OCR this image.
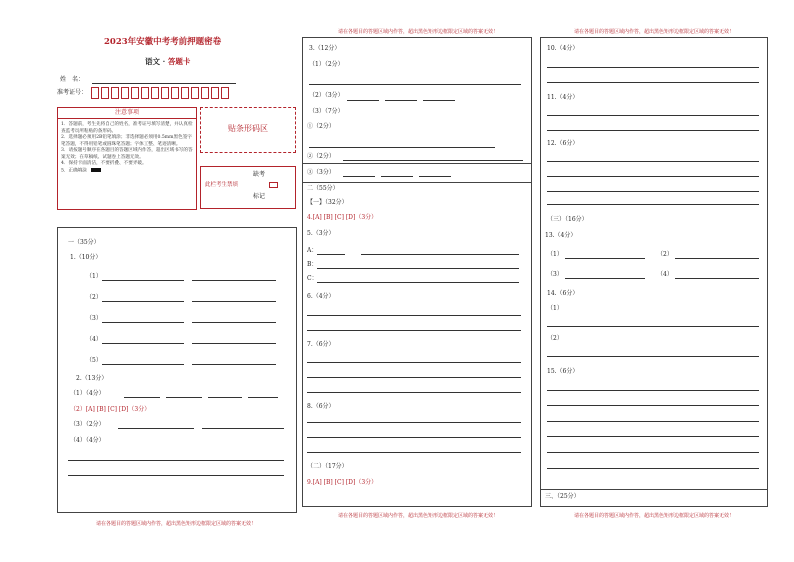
2023年安徽中考考前押题密卷
语文 · 答题卡
姓　名：
准考证号：
注意事项
1．答题前，考生先将自己的姓名，准考证号填写清楚，并认真检查监考员所粘贴的条形码。
2．选择题必须用2B铅笔填涂；非选择题必须用0.5mm黑色签字笔答题，不得用铅笔或圆珠笔答题；字体工整、笔迹清晰。
3．请按题号顺序在各题目的答题区域内作答，超出区域书写的答案无效；在草稿纸、试题卷上答题无效。
4．保持卡面清洁，不要折叠、不要弄破。
5．正确填涂
贴条形码区
缺考
此栏考生禁填
标记
请在各题目的答题区域内作答，超出黑色矩形边框限定区域的答案无效！
一（35分）
1.（10分）
（1）
（2）
（3）
（4）
（5）
2.（13分）
（1）（4分）
（2）[A] [B] [C] [D]（3分）
（3）（2分）
（4）（4分）
请在各题目的答题区域内作答，超出黑色矩形边框限定区域的答案无效！
请在各题目的答题区域内作答，超出黑色矩形边框限定区域的答案无效！
3.（12分）
（1）（2分）
（2）（3分）
（3）（7分）
①（2分）
②（2分）
③（3分）
二（55分）
【一】（32分）
4.[A] [B] [C] [D]（3分）
5.（3分）
A：
B：
C：
6.（4分）
7.（6分）
8.（6分）
（二）（17分）
9.[A] [B] [C] [D]（3分）
请在各题目的答题区域内作答，超出黑色矩形边框限定区域的答案无效！
请在各题目的答题区域内作答，超出黑色矩形边框限定区域的答案无效！
10.（4分）
11.（4分）
12.（6分）
（三）（16分）
13.（4分）
（1）	（2）
（3）	（4）
14.（6分）
（1）
（2）
15.（6分）
三、（25分）
